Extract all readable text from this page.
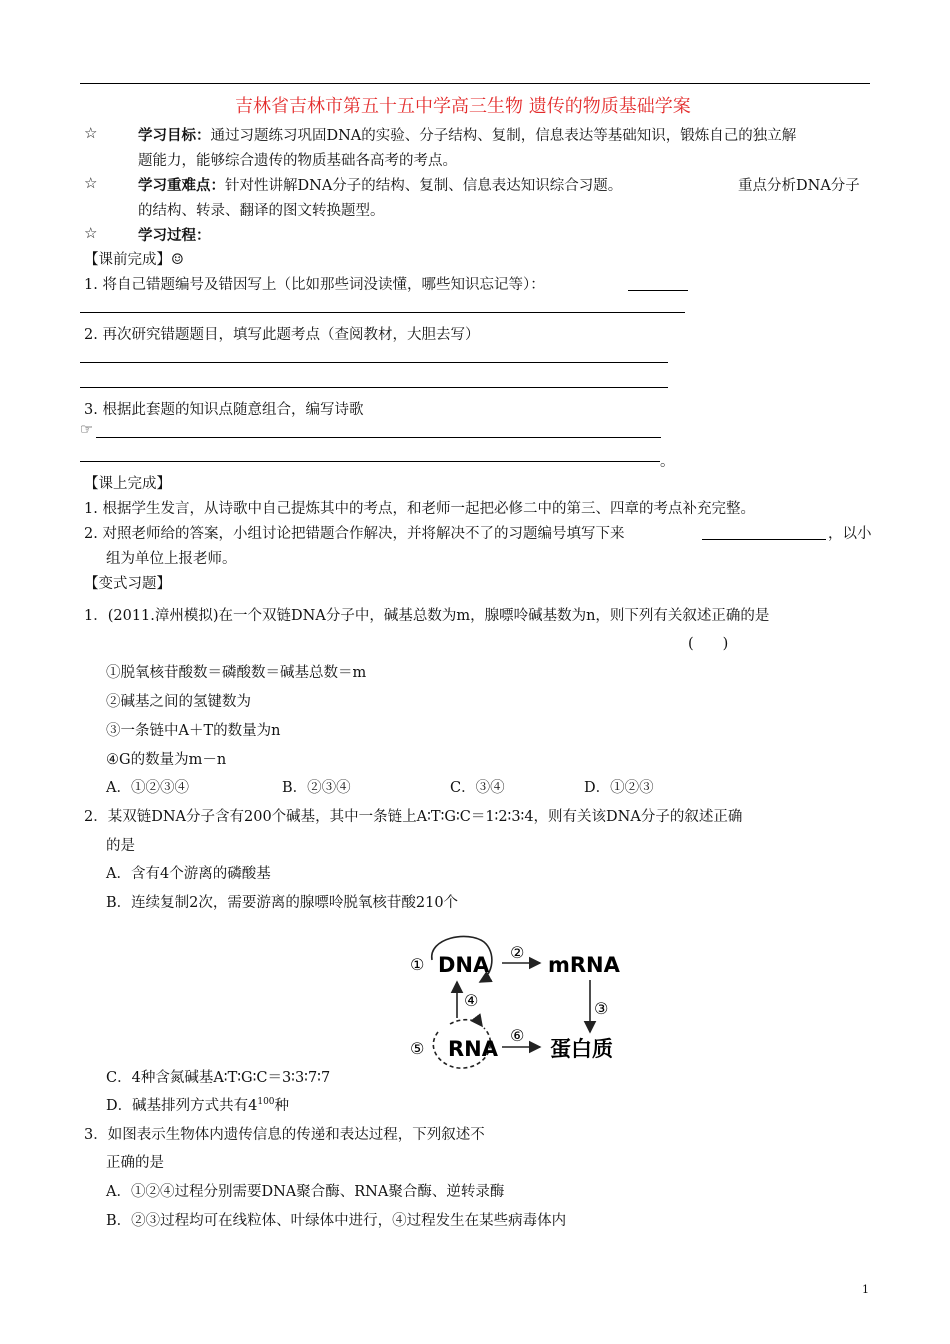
吉林省吉林市第五十五中学高三生物 遗传的物质基础学案
☆	学习目标：通过习题练习巩固DNA的实验、分子结构、复制，信息表达等基础知识，锻炼自己的独立解
题能力，能够综合遗传的物质基础各高考的考点。
☆	学习重难点：针对性讲解DNA分子的结构、复制、信息表达知识综合习题。	重点分析DNA分子
的结构、转录、翻译的图文转换题型。
☆	学习过程：
【课前完成】☺
1. 将自己错题编号及错因写上（比如那些词没读懂，哪些知识忘记等）：
2. 再次研究错题题目，填写此题考点（查阅教材，大胆去写）
3. 根据此套题的知识点随意组合，编写诗歌
☞
。
【课上完成】
1. 根据学生发言，从诗歌中自己提炼其中的考点，和老师一起把必修二中的第三、四章的考点补充完整。
2. 对照老师给的答案，小组讨论把错题合作解决，并将解决不了的习题编号填写下来	，以小
组为单位上报老师。
【变式习题】
1．(2011.漳州模拟)在一个双链DNA分子中，碱基总数为m，腺嘌呤碱基数为n，则下列有关叙述正确的是
(　　)
①脱氧核苷酸数＝磷酸数＝碱基总数＝m
②碱基之间的氢键数为
③一条链中A＋T的数量为n
④G的数量为m－n
A．①②③④	B．②③④	C．③④	D．①②③
2．某双链DNA分子含有200个碱基，其中一条链上A∶T∶G∶C＝1∶2∶3∶4，则有关该DNA分子的叙述正确
的是
A．含有4个游离的磷酸基
B．连续复制2次，需要游离的腺嘌呤脱氧核苷酸210个
① DNA
②
mRNA
③
④
⑤ RNA
⑥
蛋白质
C．4种含氮碱基A∶T∶G∶C＝3∶3∶7∶7
D．碱基排列方式共有$4^{100}$种
3．如图表示生物体内遗传信息的传递和表达过程，下列叙述不
正确的是
A．①②④过程分别需要DNA聚合酶、RNA聚合酶、逆转录酶
B．②③过程均可在线粒体、叶绿体中进行，④过程发生在某些病毒体内
1
